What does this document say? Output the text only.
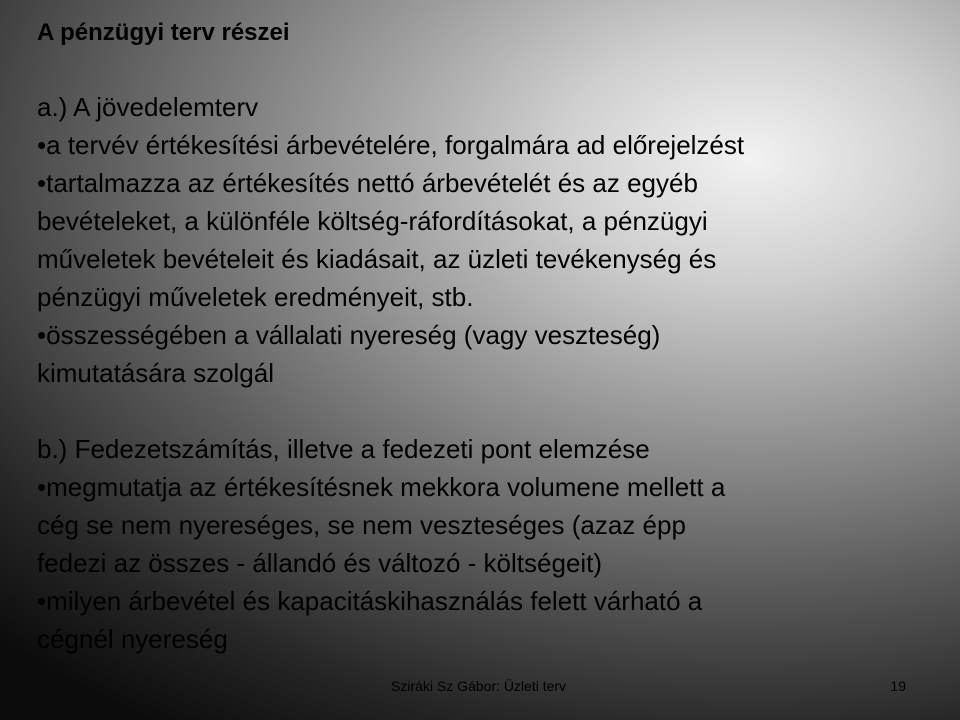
A pénzügyi terv részei
a.) A jövedelemterv
•a tervév értékesítési árbevételére, forgalmára ad előrejelzést
•tartalmazza az értékesítés nettó árbevételét és az egyéb
bevételeket, a különféle költség-ráfordításokat, a pénzügyi
műveletek bevételeit és kiadásait, az üzleti tevékenység és
pénzügyi műveletek eredményeit, stb.
•összességében a vállalati nyereség (vagy veszteség)
kimutatására szolgál
b.) Fedezetszámítás, illetve a fedezeti pont elemzése
•megmutatja az értékesítésnek mekkora volumene mellett a
cég se nem nyereséges, se nem veszteséges (azaz épp
fedezi az összes - állandó és változó - költségeit)
•milyen árbevétel és kapacitáskihasználás felett várható a
cégnél nyereség
Sziráki Sz Gábor: Üzleti terv	19
